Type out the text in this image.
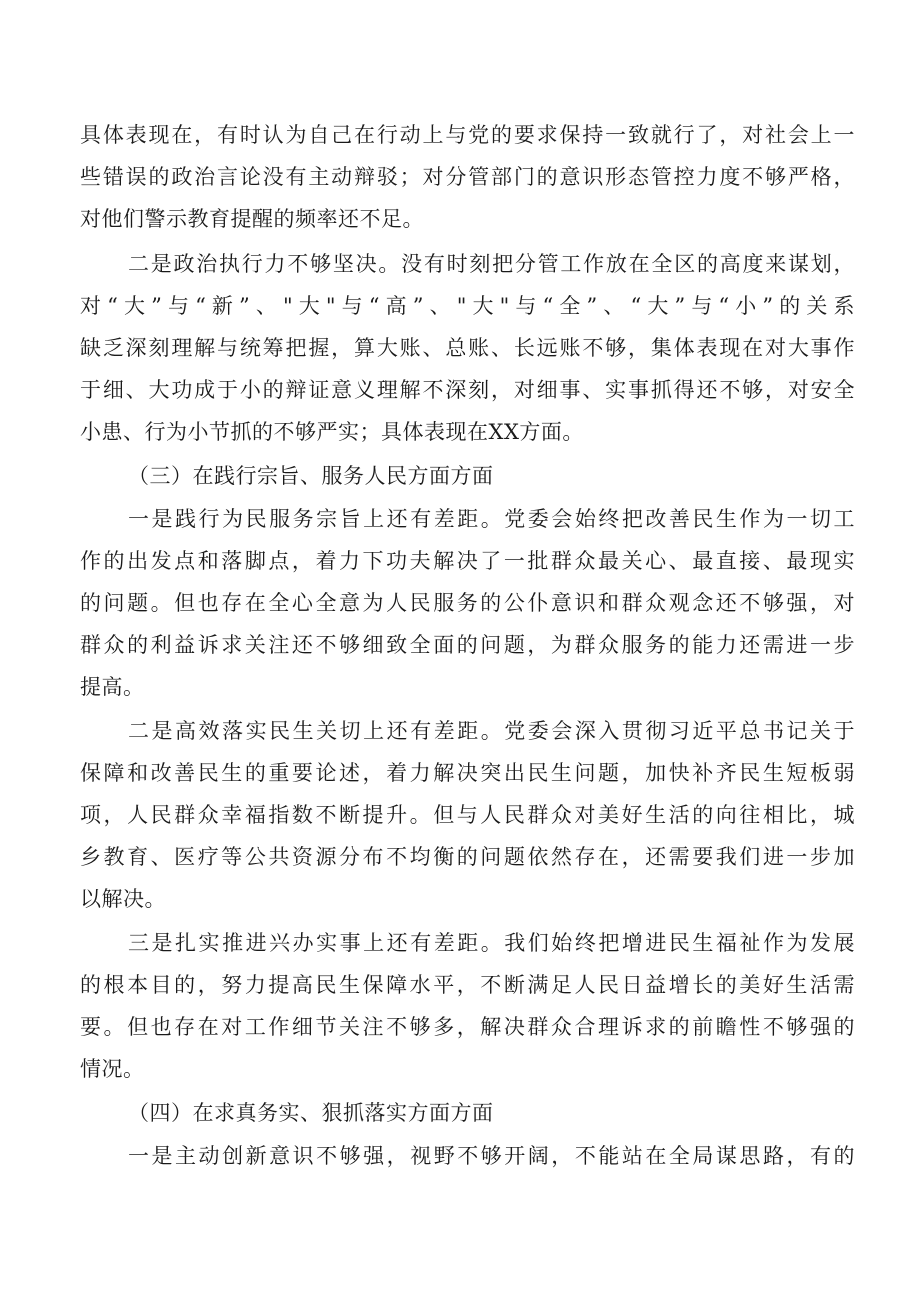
具体表现在，有时认为自己在行动上与党的要求保持一致就行了，对社会上一
些错误的政治言论没有主动辩驳；对分管部门的意识形态管控力度不够严格，
对他们警示教育提醒的频率还不足。
二是政治执行力不够坚决。没有时刻把分管工作放在全区的高度来谋划，
对“大”与“新”、"大"与“高”、"大"与“全”、“大”与“小”的关系
缺乏深刻理解与统筹把握，算大账、总账、长远账不够，集体表现在对大事作
于细、大功成于小的辩证意义理解不深刻，对细事、实事抓得还不够，对安全
小患、行为小节抓的不够严实；具体表现在XX方面。
（三）在践行宗旨、服务人民方面方面
一是践行为民服务宗旨上还有差距。党委会始终把改善民生作为一切工
作的出发点和落脚点，着力下功夫解决了一批群众最关心、最直接、最现实
的问题。但也存在全心全意为人民服务的公仆意识和群众观念还不够强，对
群众的利益诉求关注还不够细致全面的问题，为群众服务的能力还需进一步
提高。
二是高效落实民生关切上还有差距。党委会深入贯彻习近平总书记关于
保障和改善民生的重要论述，着力解决突出民生问题，加快补齐民生短板弱
项，人民群众幸福指数不断提升。但与人民群众对美好生活的向往相比，城
乡教育、医疗等公共资源分布不均衡的问题依然存在，还需要我们进一步加
以解决。
三是扎实推进兴办实事上还有差距。我们始终把增进民生福祉作为发展
的根本目的，努力提高民生保障水平，不断满足人民日益增长的美好生活需
要。但也存在对工作细节关注不够多，解决群众合理诉求的前瞻性不够强的
情况。
（四）在求真务实、狠抓落实方面方面
一是主动创新意识不够强，视野不够开阔，不能站在全局谋思路，有的
